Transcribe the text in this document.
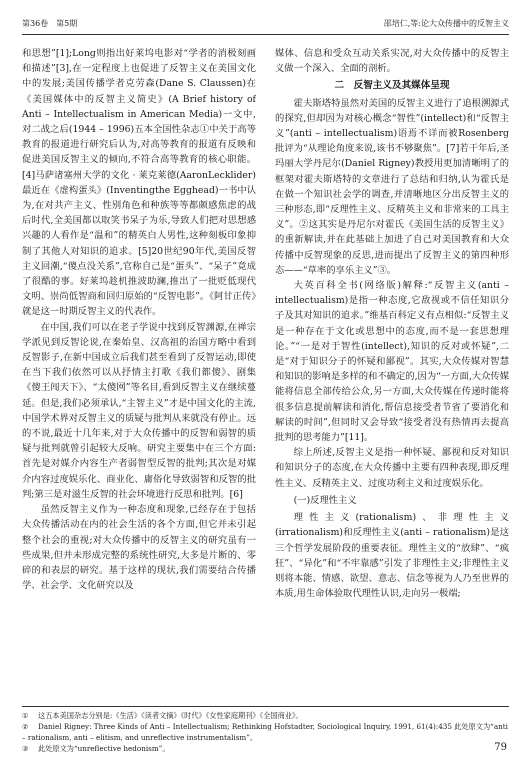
第36卷　第5期	邵培仁,等:论大众传播中的反智主义

和思想”[1];Long则指出好莱坞电影对“学者的消极刻画和描述”[3],在一定程度上也促进了反智主义在美国文化中的发展;美国传播学者克劳森(Dane S. Claussen)在《美国媒体中的反智主义简史》(A Brief history of Anti – Intellectualism in American Media)一文中,对二战之后(1944 – 1996)五本全国性杂志①中关于高等教育的报道进行研究后认为,对高等教育的报道有反映和促进美国反智主义的倾向,不符合高等教育的核心职能。[4]马萨诸塞州大学的文化 · 莱克莱德(AaronLecklider)最近在《虚构蛋头》(Inventingthe Egghead)一书中认为,在对共产主义、性别角色和种族等等都颇感焦虑的战后时代,全美国都以取笑书呆子为乐,导致人们把对思想感兴趣的人看作是“温和”的精英白人男性,这种刻板印象抑制了其他人对知识的追求。[5]20世纪90年代,美国反智主义回潮,“傻点没关系”,官称自己是“蛋头”、“呆子”竟成了很酷的事。好莱坞趁机推波助澜,推出了一批贬低现代文明、崇尚低智商和回归原始的“反智电影”。《阿甘正传》就是这一时期反智主义的代表作。

在中国,我们可以在老子学说中找到反智渊源,在禅宗学派见到反智论说,在秦始皇、汉高祖的治国方略中看到反智影子,在新中国成立后我们甚至看到了反智运动,即使在当下我们依然可以从抒情主打歌《我们都傻》、剧集《傻王闯天下》、“太傻网”等名目,看到反智主义在继续蔓延。但是,我们必须承认,“主智主义”才是中国文化的主流,中国学术界对反智主义的质疑与批判从来就没有停止。远的不说,最近十几年来,对于大众传播中的反智和弱智的质疑与批判就曾引起较大反响。研究主要集中在三个方面:首先是对媒介内容生产者弱智型反智的批判;其次是对媒介内容过度娱乐化、商业化、庸俗化导致弱智和反智的批判;第三是对滋生反智的社会环境进行反思和批判。[6]

虽然反智主义作为一种态度和现象,已经存在于包括大众传播活动在内的社会生活的各个方面,但它并未引起整个社会的重视;对大众传播中的反智主义的研究虽有一些成果,但并未形成完整的系统性研究,大多是片断的、零碎的和表层的研究。基于这样的现状,我们需要结合传播学、社会学、文化研究以及

媒体、信息和受众互动关系实况,对大众传播中的反智主义做一个深入、全面的剖析。

二　反智主义及其媒体呈现

霍夫斯塔特虽然对美国的反智主义进行了追根溯源式的探究,但却因为对核心概念“智性”(intellect)和“反智主义”(anti – intellectualism)语焉不详而被Rosenberg批评为“从理论角度来说,该书不够聚焦”。[7]若干年后,圣玛丽大学丹尼尔(Daniel Rigney)教授用更加清晰明了的框架对霍夫斯塔特的文章进行了总结和归纳,认为霍氏是在做一个知识社会学的调查,并清晰地区分出反智主义的三种形态,即“反理性主义、反精英主义和非常来的工具主义”。②这其实是丹尼尔对霍氏《美国生活的反智主义》的重新解读,并在此基础上加进了自己对美国教育和大众传播中反智现象的反思,进而提出了反智主义的第四种形态——“草率的享乐主义”③。

大英百科全书(网络版)解释:“反智主义(anti – intellectualism)是指一种态度,它敌视或不信任知识分子及其对知识的追求。”维基百科定义有点相似:“反智主义是一种存在于文化或思想中的态度,而不是一套思想理论。”“一是对于智性(intellect),知识的反对或怀疑”,二是“对于知识分子的怀疑和鄙视”。其实,大众传媒对智慧和知识的影响是多样的和不确定的,因为“一方面,大众传媒能将信息全部传给公众,另一方面,大众传媒在传递时能将很多信息提前解读和消化,帮信息接受者节省了要消化和解读的时间”,但同时又会导致“接受者没有热情再去提高批判的思考能力”[11]。

综上所述,反智主义是指一种怀疑、鄙视和反对知识和知识分子的态度,在大众传播中主要有四种表现,即反理性主义、反精英主义、过度功利主义和过度娱乐化。

(一)反理性主义

理性主义(rationalism)、非理性主义(irrationalism)和反理性主义(anti – rationalism)是这三个哲学发展阶段的重要表征。理性主义的“放肆”、“疯狂”、“异化”和“不牢靠感”引发了非理性主义;非理性主义则将本能、情感、欲望、意志、信念等视为人乃至世界的本质,用生命体验取代理性认识,走向另一极端;

① 这五本美国杂志分别是:《生活》《读者文摘》《时代》《女性家庭期刊》《全国商业》。
② Daniel Rigney: Three Kinds of Anti – Intellectualism; Rethinking Hofstadter, Sociological Inquiry, 1991, 61(4):435 此处原文为“anti – rationalism, anti – elitism, and unreflective instrumentalism”。
③ 此处原文为“unreflective hedonism”。	79
